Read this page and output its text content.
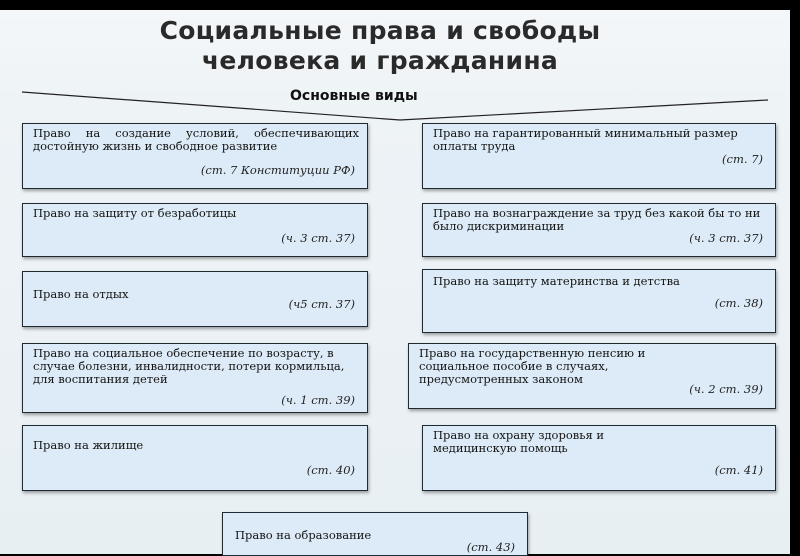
Социальные права и свободы
человека и гражданина
Основные виды
Право на создание условий, обеспечивающих достойную жизнь и свободное развитие
(ст. 7 Конституции РФ)
Право на гарантированный минимальный размер оплаты труда
(ст. 7)
Право на защиту от безработицы
(ч. 3 ст. 37)
Право на вознаграждение за труд без какой бы то ни было дискриминации
(ч. 3 ст. 37)
Право на отдых
(ч5 ст. 37)
Право на защиту материнства и детства
(ст. 38)
Право на социальное обеспечение по возрасту, в случае болезни, инвалидности, потери кормильца, для воспитания детей
(ч. 1 ст. 39)
Право на государственную пенсию и социальное пособие в случаях, предусмотренных законом
(ч. 2 ст. 39)
Право на жилище
(ст. 40)
Право на охрану здоровья и медицинскую помощь
(ст. 41)
Право на образование
(ст. 43)
